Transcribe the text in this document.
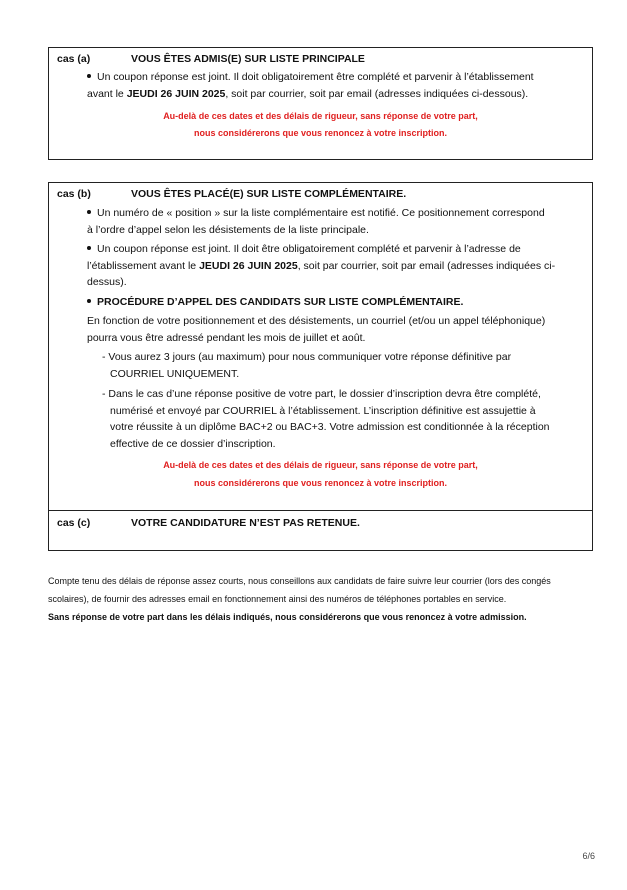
cas (a)	VOUS ÊTES ADMIS(E) SUR LISTE PRINCIPALE
Un coupon réponse est joint. Il doit obligatoirement être complété et parvenir à l’établissement
avant le JEUDI 26 JUIN 2025, soit par courrier, soit par email (adresses indiquées ci-dessous).
Au-delà de ces dates et des délais de rigueur, sans réponse de votre part,
nous considérerons que vous renoncez à votre inscription.
cas (b)	VOUS ÊTES PLACÉ(E) SUR LISTE COMPLÉMENTAIRE.
Un numéro de « position » sur la liste complémentaire est notifié. Ce positionnement correspond
à l’ordre d’appel selon les désistements de la liste principale.
Un coupon réponse est joint. Il doit être obligatoirement complété et parvenir à l’adresse de
l’établissement avant le JEUDI 26 JUIN 2025, soit par courrier, soit par email (adresses indiquées ci-
dessus).
PROCÉDURE D’APPEL DES CANDIDATS SUR LISTE COMPLÉMENTAIRE.
En fonction de votre positionnement et des désistements, un courriel (et/ou un appel téléphonique)
pourra vous être adressé pendant les mois de juillet et août.
- Vous aurez 3 jours (au maximum) pour nous communiquer votre réponse définitive par
COURRIEL UNIQUEMENT.
- Dans le cas d’une réponse positive de votre part, le dossier d’inscription devra être complété,
numérisé et envoyé par COURRIEL à l’établissement. L’inscription définitive est assujettie à
votre réussite à un diplôme BAC+2 ou BAC+3. Votre admission est conditionnée à la réception
effective de ce dossier d’inscription.
Au-delà de ces dates et des délais de rigueur, sans réponse de votre part,
nous considérerons que vous renoncez à votre inscription.
cas (c)	VOTRE CANDIDATURE N’EST PAS RETENUE.
Compte tenu des délais de réponse assez courts, nous conseillons aux candidats de faire suivre leur courrier (lors des congés
scolaires), de fournir des adresses email en fonctionnement ainsi des numéros de téléphones portables en service.
Sans réponse de votre part dans les délais indiqués, nous considérerons que vous renoncez à votre admission.
6/6
